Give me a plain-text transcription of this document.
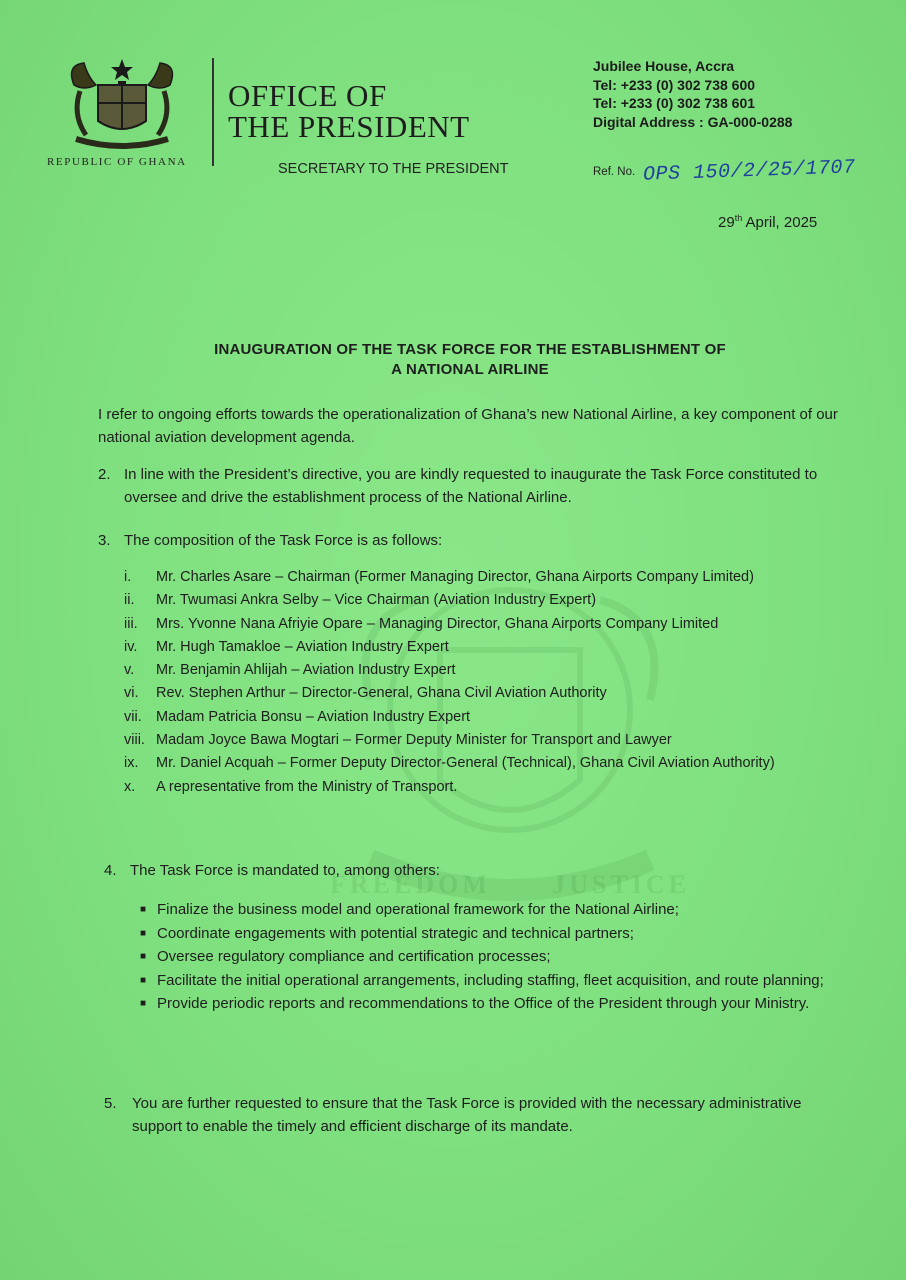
FREEDOM JUSTICE
REPUBLIC OF GHANA
OFFICE OF
THE PRESIDENT
SECRETARY TO THE PRESIDENT
Jubilee House, Accra
Tel: +233 (0) 302 738 600
Tel: +233 (0) 302 738 601
Digital Address : GA-000-0288
Ref. No. OPS 150/2/25/1707
29th April, 2025
INAUGURATION OF THE TASK FORCE FOR THE ESTABLISHMENT OF
A NATIONAL AIRLINE
I refer to ongoing efforts towards the operationalization of Ghana’s new National Airline, a key component of our national aviation development agenda.
2. In line with the President’s directive, you are kindly requested to inaugurate the Task Force constituted to oversee and drive the establishment process of the National Airline.
3. The composition of the Task Force is as follows:
i.	Mr. Charles Asare – Chairman (Former Managing Director, Ghana Airports Company Limited)
ii.	Mr. Twumasi Ankra Selby – Vice Chairman (Aviation Industry Expert)
iii.	Mrs. Yvonne Nana Afriyie Opare – Managing Director, Ghana Airports Company Limited
iv.	Mr. Hugh Tamakloe – Aviation Industry Expert
v.	Mr. Benjamin Ahlijah – Aviation Industry Expert
vi.	Rev. Stephen Arthur – Director-General, Ghana Civil Aviation Authority
vii. Madam Patricia Bonsu – Aviation Industry Expert
viii. Madam Joyce Bawa Mogtari – Former Deputy Minister for Transport and Lawyer
ix.	Mr. Daniel Acquah – Former Deputy Director-General (Technical), Ghana Civil Aviation Authority)
x.	A representative from the Ministry of Transport.
4. The Task Force is mandated to, among others:
■ Finalize the business model and operational framework for the National Airline;
■ Coordinate engagements with potential strategic and technical partners;
■ Oversee regulatory compliance and certification processes;
■ Facilitate the initial operational arrangements, including staffing, fleet acquisition, and route planning;
■ Provide periodic reports and recommendations to the Office of the President through your Ministry.
5.	You are further requested to ensure that the Task Force is provided with the necessary administrative support to enable the timely and efficient discharge of its mandate.
